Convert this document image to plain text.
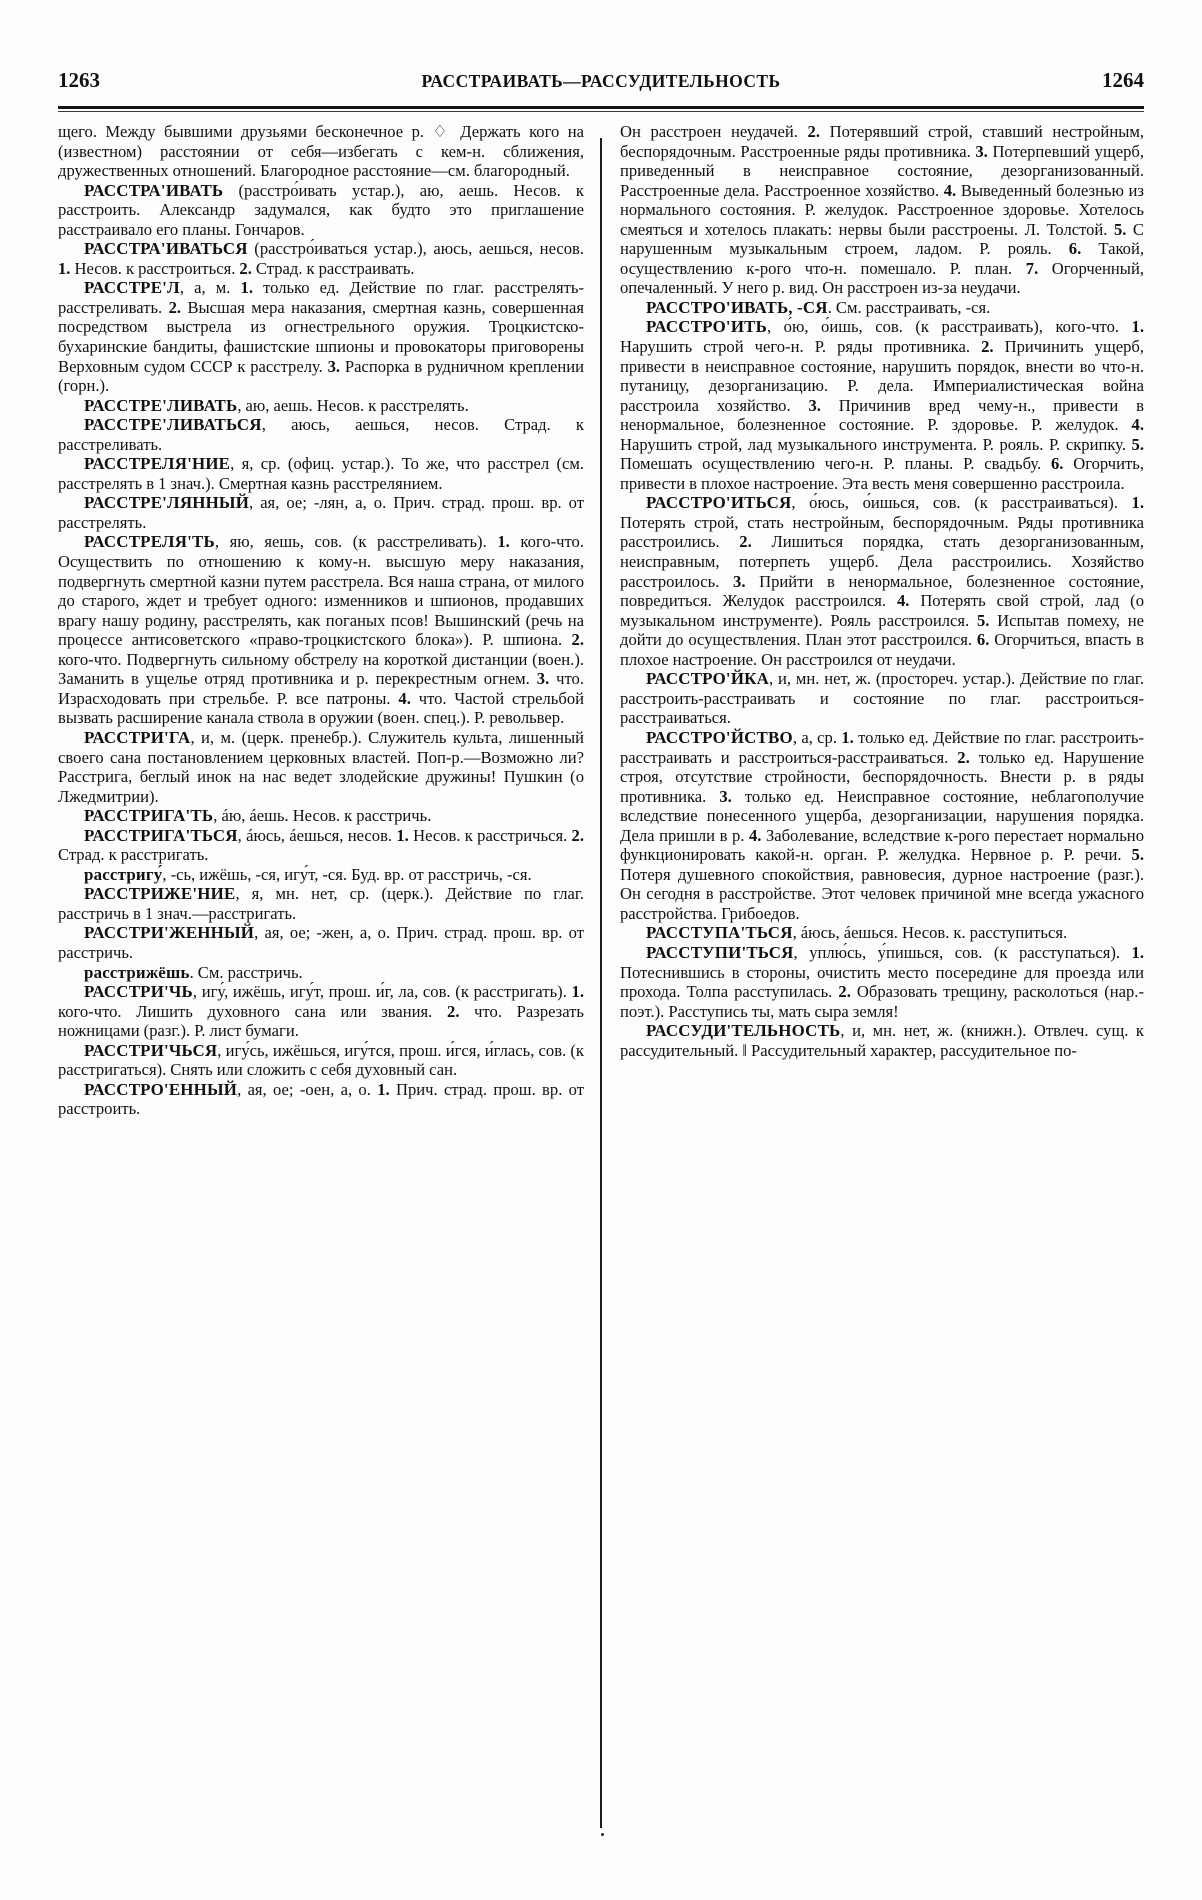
1263	РАССТРАИВАТЬ—РАССУДИТЕЛЬНОСТЬ	1264

щего. Между бывшими друзьями бесконечное р. ♢ Держать кого на (известном) расстоянии от себя—избегать с кем-н. сближения, дружественных отношений. Благородное расстояние—см. благородный.

РАССТРА'ИВАТЬ (расстро́ивать устар.), аю, аешь. Несов. к расстроить. Александр задумался, как будто это приглашение расстраивало его планы. Гончаров.

РАССТРА'ИВАТЬСЯ (расстро́иваться устар.), аюсь, аешься, несов. 1. Несов. к расстроиться. 2. Страд. к расстраивать.

РАССТРЕ'Л, а, м. 1. только ед. Действие по глаг. расстрелять-расстреливать. 2. Высшая мера наказания, смертная казнь, совершенная посредством выстрела из огнестрельного оружия. Троцкистско-бухаринские бандиты, фашистские шпионы и провокаторы приговорены Верховным судом СССР к расстрелу. 3. Распорка в рудничном креплении (горн.).

РАССТРЕ'ЛИВАТЬ, аю, аешь. Несов. к расстрелять.

РАССТРЕ'ЛИВАТЬСЯ, аюсь, аешься, несов. Страд. к расстреливать.

РАССТРЕЛЯ'НИЕ, я, ср. (офиц. устар.). То же, что расстрел (см. расстрелять в 1 знач.). Смертная казнь расстрелянием.

РАССТРЕ'ЛЯННЫЙ, ая, ое; -лян, а, о. Прич. страд. прош. вр. от расстрелять.

РАССТРЕЛЯ'ТЬ, яю, яешь, сов. (к расстреливать). 1. кого-что. Осуществить по отношению к кому-н. высшую меру наказания, подвергнуть смертной казни путем расстрела. Вся наша страна, от милого до старого, ждет и требует одного: изменников и шпионов, продавших врагу нашу родину, расстрелять, как поганых псов! Вышинский (речь на процессе антисоветского «право-троцкистского блока»). Р. шпиона. 2. кого-что. Подвергнуть сильному обстрелу на короткой дистанции (воен.). Заманить в ущелье отряд противника и р. перекрестным огнем. 3. что. Израсходовать при стрельбе. Р. все патроны. 4. что. Частой стрельбой вызвать расширение канала ствола в оружии (воен. спец.). Р. револьвер.

РАССТРИ'ГА, и, м. (церк. пренебр.). Служитель культа, лишенный своего сана постановлением церковных властей. Поп-р.—Возможно ли? Расстрига, беглый инок на нас ведет злодейские дружины! Пушкин (о Лжедмитрии).

РАССТРИГА'ТЬ, áю, áешь. Несов. к расстричь.

РАССТРИГА'ТЬСЯ, áюсь, áешься, несов. 1. Несов. к расстричься. 2. Страд. к расстригать.

расстригу́, -сь, ижёшь, -ся, игу́т, -ся. Буд. вр. от расстричь, -ся.

РАССТРИЖЕ'НИЕ, я, мн. нет, ср. (церк.). Действие по глаг. расстричь в 1 знач.—расстригать.

РАССТРИ'ЖЕННЫЙ, ая, ое; -жен, а, о. Прич. страд. прош. вр. от расстричь.

расстрижёшь. См. расстричь.

РАССТРИ'ЧЬ, игу́, ижёшь, игу́т, прош. и́г, ла, сов. (к расстригать). 1. кого-что. Лишить духовного сана или звания. 2. что. Разрезать ножницами (разг.). Р. лист бумаги.

РАССТРИ'ЧЬСЯ, игу́сь, ижёшься, игу́тся, прош. и́гся, и́глась, сов. (к расстригаться). Снять или сложить с себя духовный сан.

РАССТРО'ЕННЫЙ, ая, ое; -оен, а, о. 1. Прич. страд. прош. вр. от расстроить.

Он расстроен неудачей. 2. Потерявший строй, ставший нестройным, беспорядочным. Расстроенные ряды противника. 3. Потерпевший ущерб, приведенный в неисправное состояние, дезорганизованный. Расстроенные дела. Расстроенное хозяйство. 4. Выведенный болезнью из нормального состояния. Р. желудок. Расстроенное здоровье. Хотелось смеяться и хотелось плакать: нервы были расстроены. Л. Толстой. 5. С нарушенным музыкальным строем, ладом. Р. рояль. 6. Такой, осуществлению к-рого что-н. помешало. Р. план. 7. Огорченный, опечаленный. У него р. вид. Он расстроен из-за неудачи.

РАССТРО'ИВАТЬ, -СЯ. См. расстраивать, -ся.

РАССТРО'ИТЬ, о́ю, о́ишь, сов. (к расстраивать), кого-что. 1. Нарушить строй чего-н. Р. ряды противника. 2. Причинить ущерб, привести в неисправное состояние, нарушить порядок, внести во что-н. путаницу, дезорганизацию. Р. дела. Империалистическая война расстроила хозяйство. 3. Причинив вред чему-н., привести в ненормальное, болезненное состояние. Р. здоровье. Р. желудок. 4. Нарушить строй, лад музыкального инструмента. Р. рояль. Р. скрипку. 5. Помешать осуществлению чего-н. Р. планы. Р. свадьбу. 6. Огорчить, привести в плохое настроение. Эта весть меня совершенно расстроила.

РАССТРО'ИТЬСЯ, о́юсь, о́ишься, сов. (к расстраиваться). 1. Потерять строй, стать нестройным, беспорядочным. Ряды противника расстроились. 2. Лишиться порядка, стать дезорганизованным, неисправным, потерпеть ущерб. Дела расстроились. Хозяйство расстроилось. 3. Прийти в ненормальное, болезненное состояние, повредиться. Желудок расстроился. 4. Потерять свой строй, лад (о музыкальном инструменте). Рояль расстроился. 5. Испытав помеху, не дойти до осуществления. План этот расстроился. 6. Огорчиться, впасть в плохое настроение. Он расстроился от неудачи.

РАССТРО'ЙКА, и, мн. нет, ж. (простореч. устар.). Действие по глаг. расстроить-расстраивать и состояние по глаг. расстроиться-расстраиваться.

РАССТРО'ЙСТВО, а, ср. 1. только ед. Действие по глаг. расстроить-расстраивать и расстроиться-расстраиваться. 2. только ед. Нарушение строя, отсутствие стройности, беспорядочность. Внести р. в ряды противника. 3. только ед. Неисправное состояние, неблагополучие вследствие понесенного ущерба, дезорганизации, нарушения порядка. Дела пришли в р. 4. Заболевание, вследствие к-рого перестает нормально функционировать какой-н. орган. Р. желудка. Нервное р. Р. речи. 5. Потеря душевного спокойствия, равновесия, дурное настроение (разг.). Он сегодня в расстройстве. Этот человек причиной мне всегда ужасного расстройства. Грибоедов.

РАССТУПА'ТЬСЯ, áюсь, áешься. Несов. к. расступиться.

РАССТУПИ'ТЬСЯ, уплю́сь, у́пишься, сов. (к расступаться). 1. Потеснившись в стороны, очистить место посередине для проезда или прохода. Толпа расступилась. 2. Образовать трещину, расколоться (нар.-поэт.). Расступись ты, мать сыра земля!

РАССУДИ'ТЕЛЬНОСТЬ, и, мн. нет, ж. (книжн.). Отвлеч. сущ. к рассудительный. ‖ Рассудительный характер, рассудительное по-
